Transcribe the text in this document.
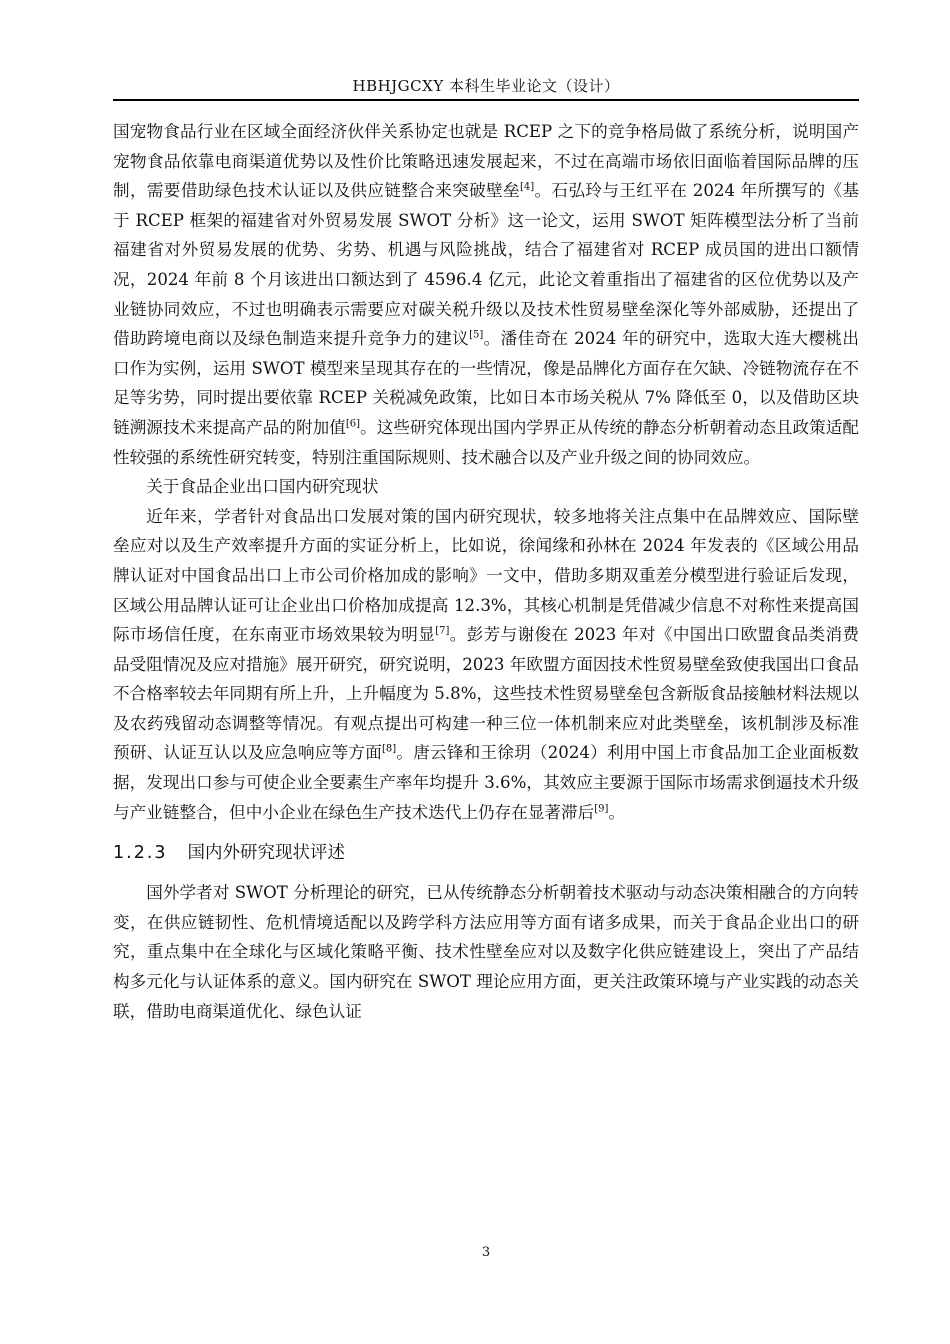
HBHJGCXY 本科生毕业论文（设计）

国宠物食品行业在区域全面经济伙伴关系协定也就是 RCEP 之下的竞争格局做了系统分析，说明国产宠物食品依靠电商渠道优势以及性价比策略迅速发展起来，不过在高端市场依旧面临着国际品牌的压制，需要借助绿色技术认证以及供应链整合来突破壁垒[4]。石弘玲与王红平在 2024 年所撰写的《基于 RCEP 框架的福建省对外贸易发展 SWOT 分析》这一论文，运用 SWOT 矩阵模型法分析了当前福建省对外贸易发展的优势、劣势、机遇与风险挑战，结合了福建省对 RCEP 成员国的进出口额情况，2024 年前 8 个月该进出口额达到了 4596.4 亿元，此论文着重指出了福建省的区位优势以及产业链协同效应，不过也明确表示需要应对碳关税升级以及技术性贸易壁垒深化等外部威胁，还提出了借助跨境电商以及绿色制造来提升竞争力的建议[5]。潘佳奇在 2024 年的研究中，选取大连大樱桃出口作为实例，运用 SWOT 模型来呈现其存在的一些情况，像是品牌化方面存在欠缺、冷链物流存在不足等劣势，同时提出要依靠 RCEP 关税减免政策，比如日本市场关税从 7% 降低至 0，以及借助区块链溯源技术来提高产品的附加值[6]。这些研究体现出国内学界正从传统的静态分析朝着动态且政策适配性较强的系统性研究转变，特别注重国际规则、技术融合以及产业升级之间的协同效应。

关于食品企业出口国内研究现状

近年来，学者针对食品出口发展对策的国内研究现状，较多地将关注点集中在品牌效应、国际壁垒应对以及生产效率提升方面的实证分析上，比如说，徐闻缘和孙林在 2024 年发表的《区域公用品牌认证对中国食品出口上市公司价格加成的影响》一文中，借助多期双重差分模型进行验证后发现，区域公用品牌认证可让企业出口价格加成提高 12.3%，其核心机制是凭借减少信息不对称性来提高国际市场信任度，在东南亚市场效果较为明显[7]。彭芳与谢俊在 2023 年对《中国出口欧盟食品类消费品受阻情况及应对措施》展开研究，研究说明，2023 年欧盟方面因技术性贸易壁垒致使我国出口食品不合格率较去年同期有所上升，上升幅度为 5.8%，这些技术性贸易壁垒包含新版食品接触材料法规以及农药残留动态调整等情况。有观点提出可构建一种三位一体机制来应对此类壁垒，该机制涉及标准预研、认证互认以及应急响应等方面[8]。唐云锋和王徐玥（2024）利用中国上市食品加工企业面板数据，发现出口参与可使企业全要素生产率年均提升 3.6%，其效应主要源于国际市场需求倒逼技术升级与产业链整合，但中小企业在绿色生产技术迭代上仍存在显著滞后[9]。

1.2.3 国内外研究现状评述

国外学者对 SWOT 分析理论的研究，已从传统静态分析朝着技术驱动与动态决策相融合的方向转变，在供应链韧性、危机情境适配以及跨学科方法应用等方面有诸多成果，而关于食品企业出口的研究，重点集中在全球化与区域化策略平衡、技术性壁垒应对以及数字化供应链建设上，突出了产品结构多元化与认证体系的意义。国内研究在 SWOT 理论应用方面，更关注政策环境与产业实践的动态关联，借助电商渠道优化、绿色认证

3
